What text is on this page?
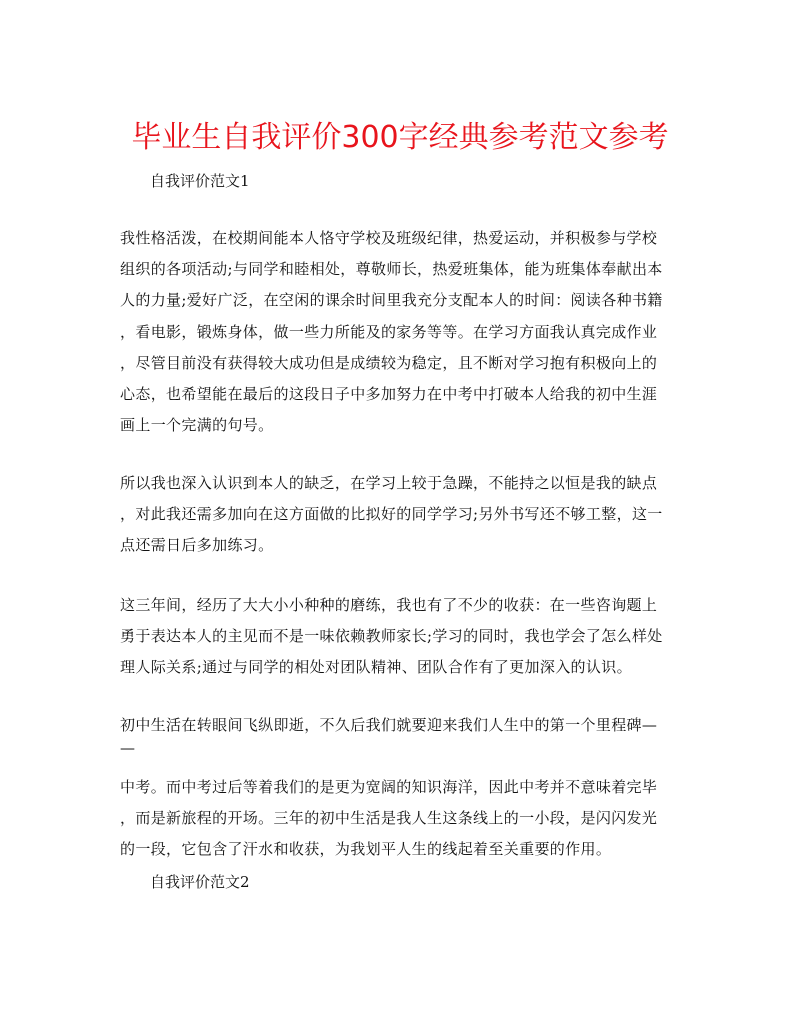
毕业生自我评价300字经典参考范文参考
自我评价范文1
我性格活泼，在校期间能本人恪守学校及班级纪律，热爱运动，并积极参与学校
组织的各项活动;与同学和睦相处，尊敬师长，热爱班集体，能为班集体奉献出本
人的力量;爱好广泛，在空闲的课余时间里我充分支配本人的时间：阅读各种书籍
，看电影，锻炼身体，做一些力所能及的家务等等。在学习方面我认真完成作业
，尽管目前没有获得较大成功但是成绩较为稳定，且不断对学习抱有积极向上的
心态，也希望能在最后的这段日子中多加努力在中考中打破本人给我的初中生涯
画上一个完满的句号。
所以我也深入认识到本人的缺乏，在学习上较于急躁，不能持之以恒是我的缺点
，对此我还需多加向在这方面做的比拟好的同学学习;另外书写还不够工整，这一
点还需日后多加练习。
这三年间，经历了大大小小种种的磨练，我也有了不少的收获：在一些咨询题上
勇于表达本人的主见而不是一味依赖教师家长;学习的同时，我也学会了怎么样处
理人际关系;通过与同学的相处对团队精神、团队合作有了更加深入的认识。
初中生活在转眼间飞纵即逝，不久后我们就要迎来我们人生中的第一个里程碑—
—
中考。而中考过后等着我们的是更为宽阔的知识海洋，因此中考并不意味着完毕
，而是新旅程的开场。三年的初中生活是我人生这条线上的一小段，是闪闪发光
的一段，它包含了汗水和收获，为我划平人生的线起着至关重要的作用。
自我评价范文2
